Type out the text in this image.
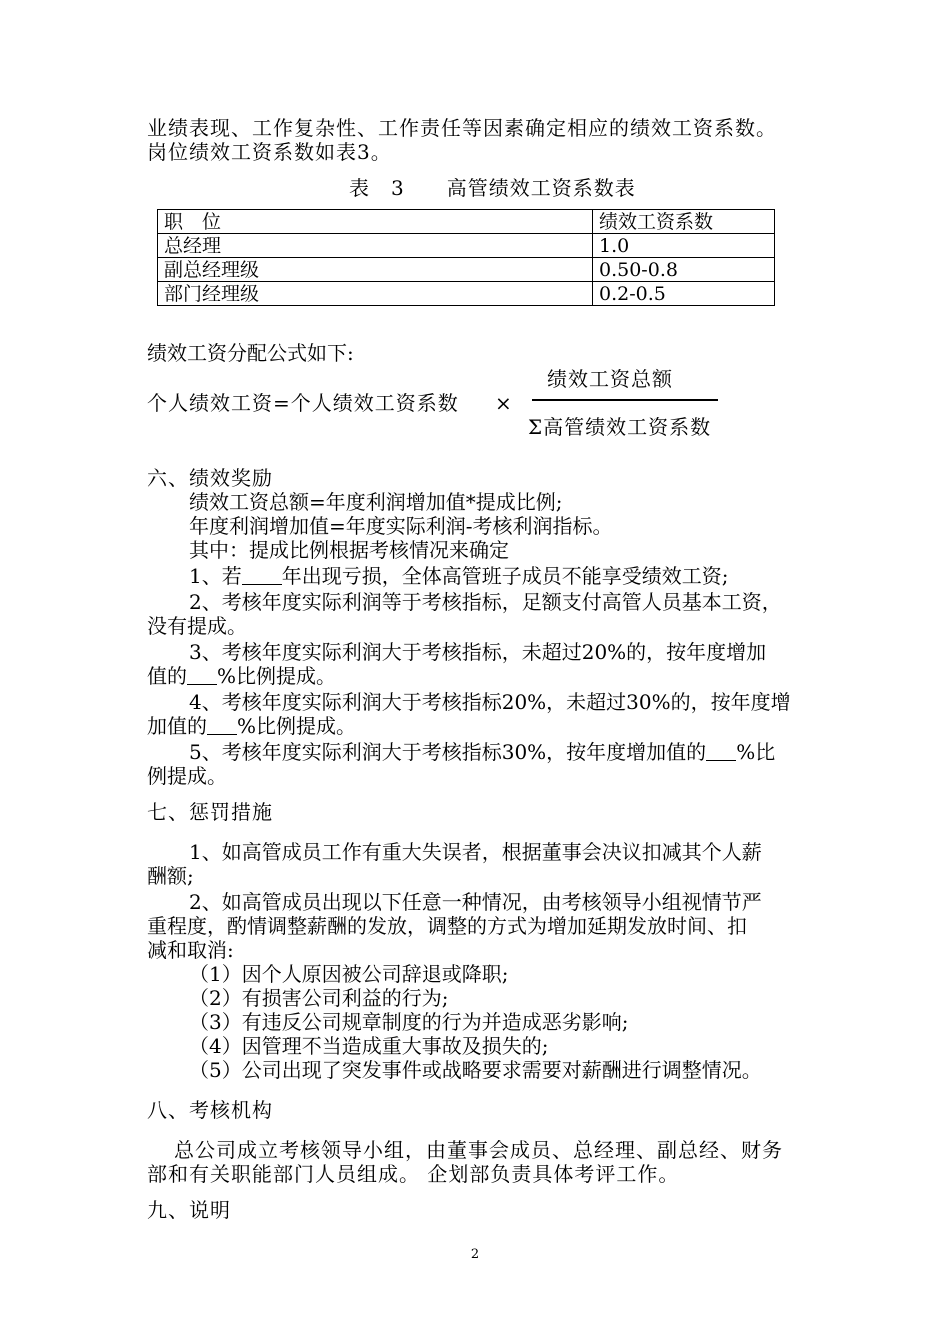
业绩表现、工作复杂性、工作责任等因素确定相应的绩效工资系数。
岗位绩效工资系数如表3。
表　3　　高管绩效工资系数表
职　位	绩效工资系数
总经理	1.0
副总经理级	0.50-0.8
部门经理级	0.2-0.5
绩效工资分配公式如下:
绩效工资总额
个人绩效工资=个人绩效工资系数 ×
Σ高管绩效工资系数
六、绩效奖励
绩效工资总额=年度利润增加值*提成比例;
年度利润增加值=年度实际利润-考核利润指标。
其中：提成比例根据考核情况来确定
1、若 年出现亏损，全体高管班子成员不能享受绩效工资;
2、考核年度实际利润等于考核指标，足额支付高管人员基本工资，
没有提成。
3、考核年度实际利润大于考核指标，未超过20%的，按年度增加
值的 %比例提成。
4、考核年度实际利润大于考核指标20%，未超过30%的，按年度增
加值的 %比例提成。
5、考核年度实际利润大于考核指标30%，按年度增加值的 %比
例提成。
七、惩罚措施
1、如高管成员工作有重大失误者，根据董事会决议扣减其个人薪
酬额;
2、如高管成员出现以下任意一种情况，由考核领导小组视情节严
重程度，酌情调整薪酬的发放，调整的方式为增加延期发放时间、扣
减和取消:
（1）因个人原因被公司辞退或降职;
（2）有损害公司利益的行为;
（3）有违反公司规章制度的行为并造成恶劣影响;
（4）因管理不当造成重大事故及损失的;
（5）公司出现了突发事件或战略要求需要对薪酬进行调整情况。
八、考核机构
总公司成立考核领导小组，由董事会成员、总经理、副总经、财务
部和有关职能部门人员组成。 企划部负责具体考评工作。
九、说明
2
